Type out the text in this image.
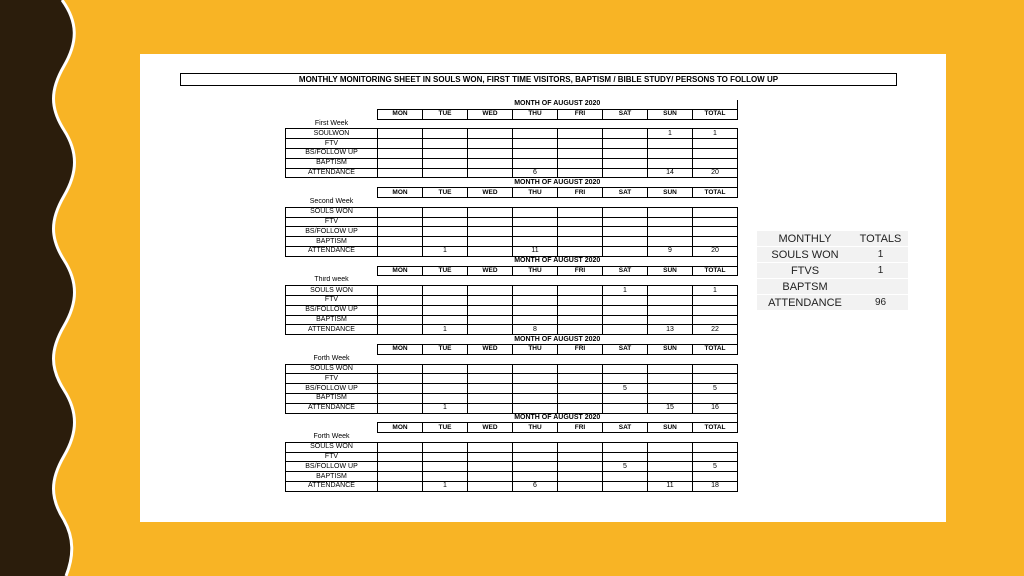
MONTHLY MONITORING SHEET IN SOULS WON, FIRST TIME VISITORS, BAPTISM / BIBLE STUDY/ PERSONS TO FOLLOW UP
	MONTH OF AUGUST 2020							
	MON	TUE	WED	THU	FRI	SAT	SUN	TOTAL
First Week								
SOULWON							1	1
FTV								
BS/FOLLOW UP								
BAPTISM								
ATTENDANCE				6			14	20
	MONTH OF AUGUST 2020							
	MON	TUE	WED	THU	FRI	SAT	SUN	TOTAL
Second Week								
SOULS WON								
FTV								
BS/FOLLOW UP								
BAPTISM								
ATTENDANCE		1		11			9	20
	MONTH OF AUGUST 2020							
	MON	TUE	WED	THU	FRI	SAT	SUN	TOTAL
Third week								
SOULS WON						1		1
FTV								
BS/FOLLOW UP								
BAPTISM								
ATTENDANCE		1		8			13	22
	MONTH OF AUGUST 2020							
	MON	TUE	WED	THU	FRI	SAT	SUN	TOTAL
Forth Week								
SOULS WON								
FTV								
BS/FOLLOW UP						5		5
BAPTISM								
ATTENDANCE		1					15	16
	MONTH OF AUGUST 2020							
	MON	TUE	WED	THU	FRI	SAT	SUN	TOTAL
Forth Week								
SOULS WON								
FTV								
BS/FOLLOW UP						5		5
BAPTISM								
ATTENDANCE		1		6			11	18
MONTHLY	TOTALS
SOULS WON	1
FTVS	1
BAPTSM	
ATTENDANCE	96
